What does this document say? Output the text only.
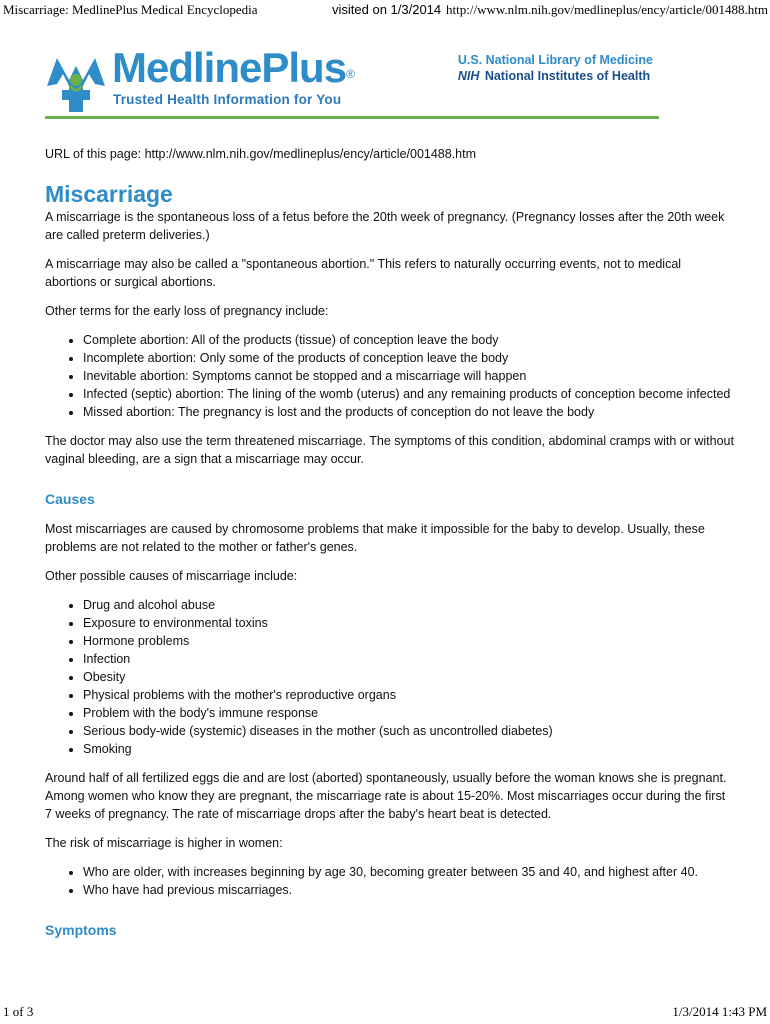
Miscarriage: MedlinePlus Medical Encyclopedia	visited on 1/3/2014 http://www.nlm.nih.gov/medlineplus/ency/article/001488.htm
MedlinePlus®
Trusted Health Information for You
U.S. National Library of Medicine
NIH National Institutes of Health

URL of this page: http://www.nlm.nih.gov/medlineplus/ency/article/001488.htm

Miscarriage

A miscarriage is the spontaneous loss of a fetus before the 20th week of pregnancy. (Pregnancy losses after the 20th week are called preterm deliveries.)

A miscarriage may also be called a "spontaneous abortion." This refers to naturally occurring events, not to medical abortions or surgical abortions.

Other terms for the early loss of pregnancy include:

• Complete abortion: All of the products (tissue) of conception leave the body
• Incomplete abortion: Only some of the products of conception leave the body
• Inevitable abortion: Symptoms cannot be stopped and a miscarriage will happen
• Infected (septic) abortion: The lining of the womb (uterus) and any remaining products of conception become infected
• Missed abortion: The pregnancy is lost and the products of conception do not leave the body

The doctor may also use the term threatened miscarriage. The symptoms of this condition, abdominal cramps with or without vaginal bleeding, are a sign that a miscarriage may occur.

Causes

Most miscarriages are caused by chromosome problems that make it impossible for the baby to develop. Usually, these problems are not related to the mother or father's genes.

Other possible causes of miscarriage include:

• Drug and alcohol abuse
• Exposure to environmental toxins
• Hormone problems
• Infection
• Obesity
• Physical problems with the mother's reproductive organs
• Problem with the body's immune response
• Serious body-wide (systemic) diseases in the mother (such as uncontrolled diabetes)
• Smoking

Around half of all fertilized eggs die and are lost (aborted) spontaneously, usually before the woman knows she is pregnant. Among women who know they are pregnant, the miscarriage rate is about 15-20%. Most miscarriages occur during the first 7 weeks of pregnancy. The rate of miscarriage drops after the baby's heart beat is detected.

The risk of miscarriage is higher in women:

• Who are older, with increases beginning by age 30, becoming greater between 35 and 40, and highest after 40.
• Who have had previous miscarriages.
Symptoms
1 of 3	1/3/2014 1:43 PM
